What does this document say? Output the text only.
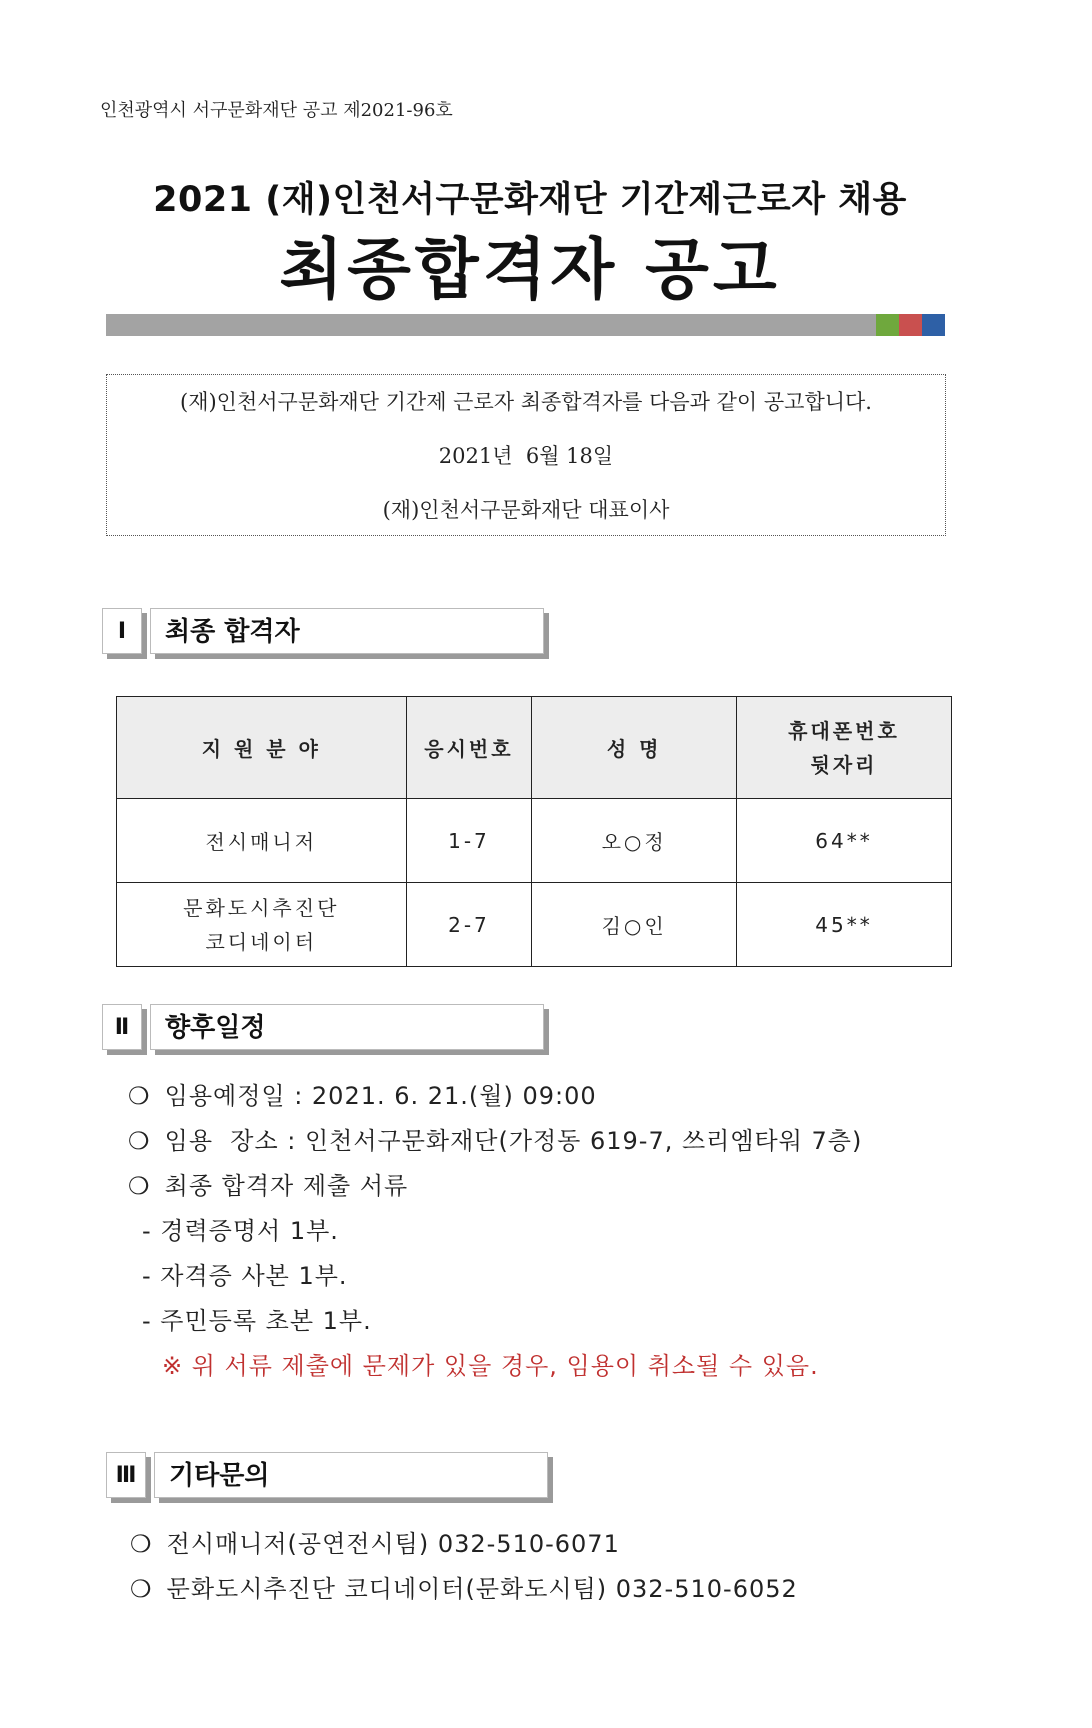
인천광역시 서구문화재단 공고 제2021-96호
2021 (재)인천서구문화재단 기간제근로자 채용
최종합격자 공고
(재)인천서구문화재단 기간제 근로자 최종합격자를 다음과 같이 공고합니다.
2021년  6월 18일
(재)인천서구문화재단 대표이사
Ⅰ	최종 합격자
지 원 분 야	응시번호	성 명	휴대폰번호
뒷자리

전시매니저	1-7	오○정	64**

문화도시추진단
코디네이터	2-7	김○인	45**
Ⅱ	향후일정
❍ 임용예정일 : 2021. 6. 21.(월) 09:00
❍ 임용  장소 : 인천서구문화재단(가정동 619-7, 쓰리엠타워 7층)
❍ 최종 합격자 제출 서류
- 경력증명서 1부.
- 자격증 사본 1부.
- 주민등록 초본 1부.
※ 위 서류 제출에 문제가 있을 경우, 임용이 취소될 수 있음.
Ⅲ	기타문의
❍ 전시매니저(공연전시팀) 032-510-6071
❍ 문화도시추진단 코디네이터(문화도시팀) 032-510-6052
